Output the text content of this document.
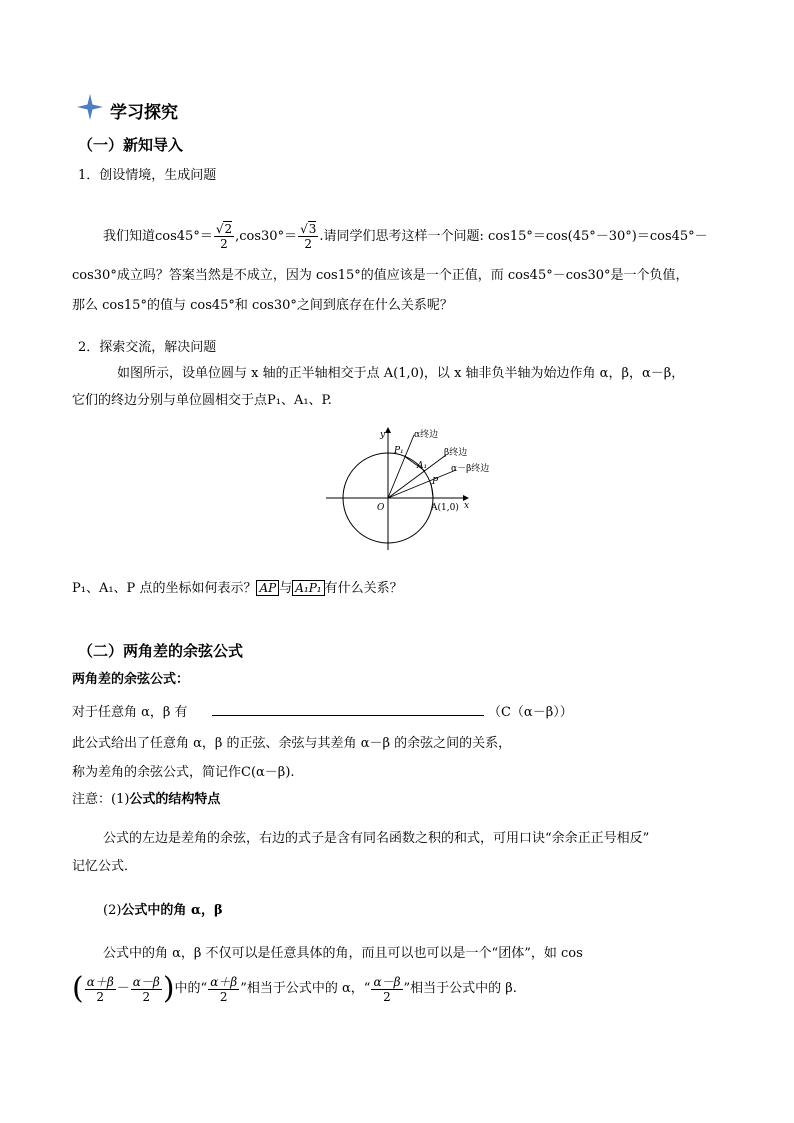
学习探究
（一）新知导入
1．创设情境，生成问题
我们知道$\cos 45^\circ= \frac{√2}{2} ,\cos 30^\circ= \frac{√3}{2}$ .请同学们思考这样一个问题: cos15°＝cos(45°－30°)＝cos45°－
cos30°成立吗？答案当然是不成立，因为 cos15°的值应该是一个正值，而 cos45°－cos30°是一个负值，
那么 cos15°的值与 cos45°和 cos30°之间到底存在什么关系呢？
2．探索交流，解决问题
如图所示，设单位圆与 x 轴的正半轴相交于点 A(1,0)，以 x 轴非负半轴为始边作角 α，β，α－β，
它们的终边分别与单位圆相交于点P₁、A₁、P.
y
x
O	A(1,0)
P
P₁
A₁
α终边
β终边
α－β终边
P₁、A₁、P 点的坐标如何表示？ AP 与 A₁P₁ 有什么关系？
（二）两角差的余弦公式
两角差的余弦公式：
对于任意角 α，β 有	（C（α－β））
此公式给出了任意角 α，β 的正弦、余弦与其差角 α－β 的余弦之间的关系，
称为差角的余弦公式，简记作C(α－β).
注意：(1)公式的结构特点
公式的左边是差角的余弦，右边的式子是含有同名函数之积的和式，可用口诀“余余正正号相反”
记忆公式．
(2)公式中的角 α，β
公式中的角 α，β 不仅可以是任意具体的角，而且可以也可以是一个“团体”，如 cos
( $\frac{\alpha+\beta}{2} - \frac{\alpha-\beta}{2}$ ) 中的“ $\frac{\alpha+\beta}{2}$ ”相当于公式中的 α，“ $\frac{\alpha-\beta}{2}$ ”相当于公式中的 β.
